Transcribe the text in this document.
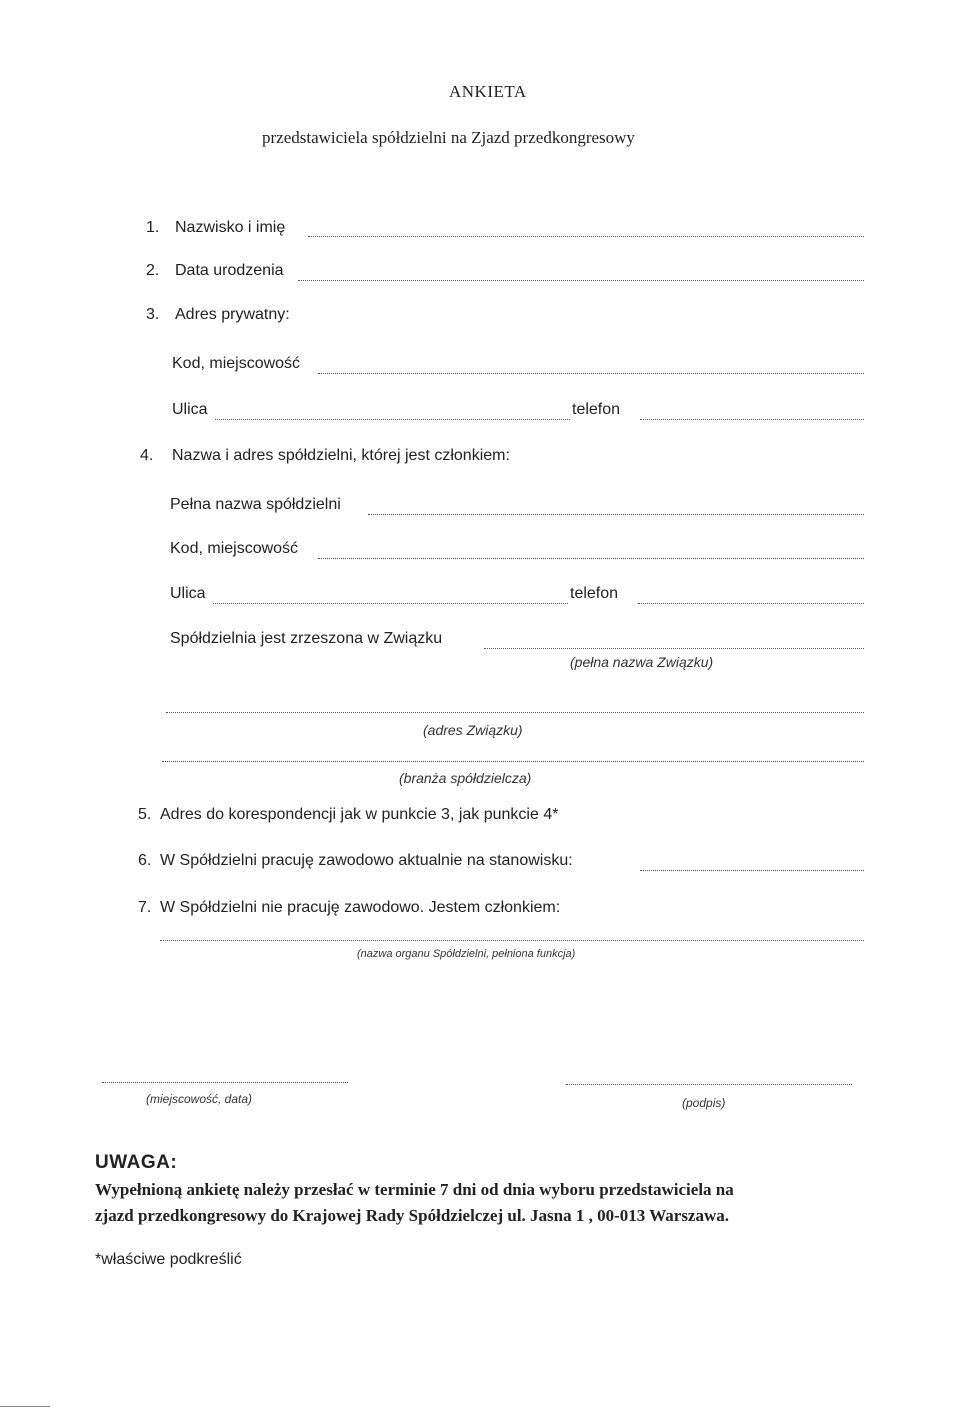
ANKIETA
przedstawiciela spółdzielni na Zjazd przedkongresowy
1. Nazwisko i imię
2. Data urodzenia
3. Adres prywatny:
Kod, miejscowość
Ulica	telefon
4. Nazwa i adres spółdzielni, której jest członkiem:
Pełna nazwa spółdzielni
Kod, miejscowość
Ulica	telefon
Spółdzielnia jest zrzeszona w Związku
(pełna nazwa Związku)
(adres Związku)
(branża spółdzielcza)
5. Adres do korespondencji jak w punkcie 3, jak punkcie 4*
6. W Spółdzielni pracuję zawodowo aktualnie na stanowisku:
7. W Spółdzielni nie pracuję zawodowo. Jestem członkiem:
(nazwa organu Spółdzielni, pełniona funkcja)
(miejscowość, data)	(podpis)
UWAGA:
Wypełnioną ankietę należy przesłać w terminie 7 dni od dnia wyboru przedstawiciela na
zjazd przedkongresowy do Krajowej Rady Spółdzielczej ul. Jasna 1 , 00-013 Warszawa.
*właściwe podkreślić
